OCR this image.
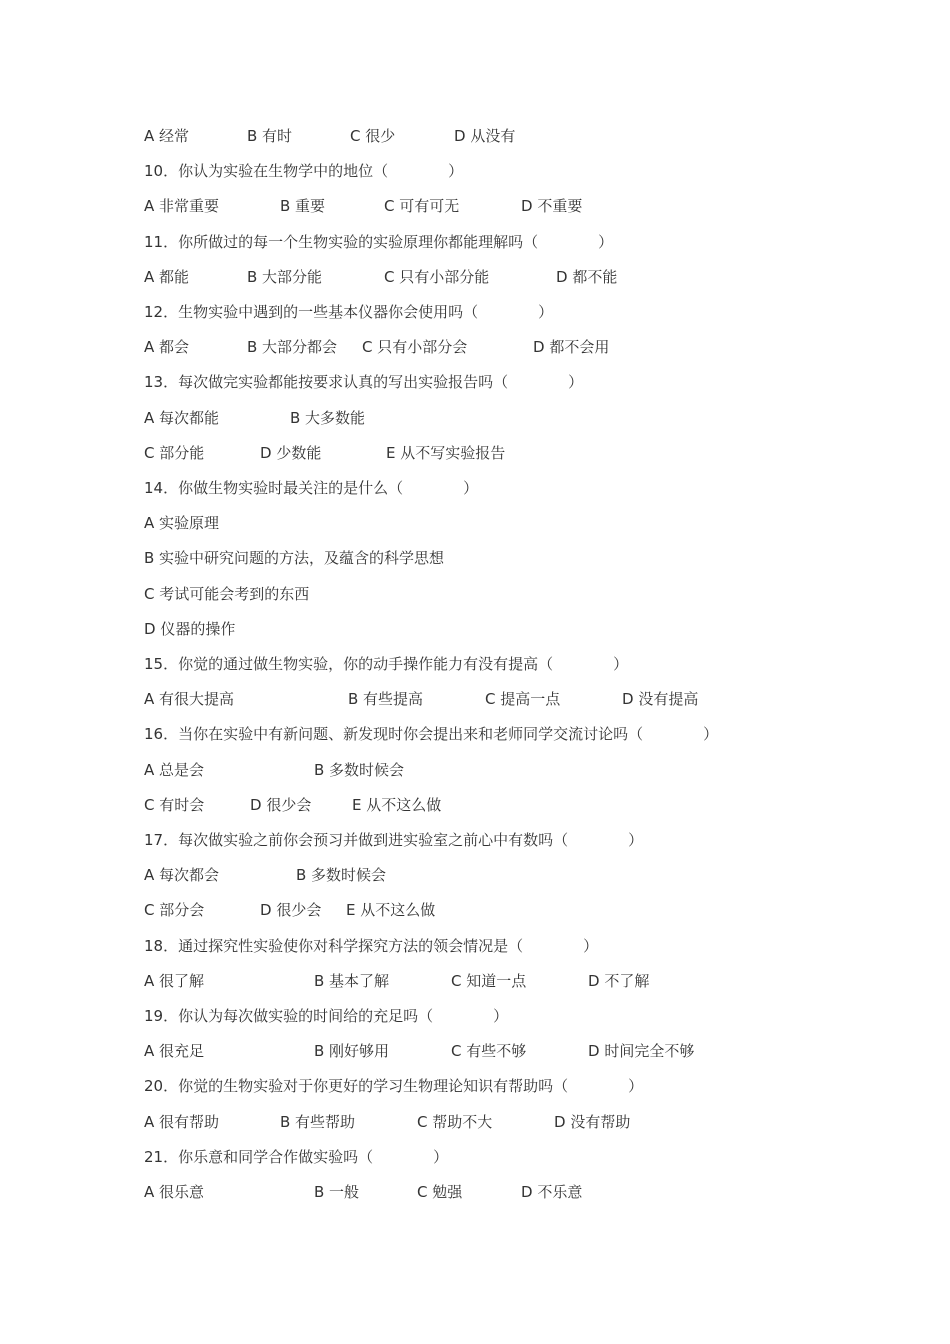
A 经常	B 有时	C 很少	D 从没有
10．你认为实验在生物学中的地位（　　　　）
A 非常重要	B 重要	C 可有可无	D 不重要
11．你所做过的每一个生物实验的实验原理你都能理解吗（　　　　）
A 都能	B 大部分能	C 只有小部分能	D 都不能
12．生物实验中遇到的一些基本仪器你会使用吗（　　　　）
A 都会	B 大部分都会 C 只有小部分会	D 都不会用
13．每次做完实验都能按要求认真的写出实验报告吗（　　　　）
A 每次都能	B 大多数能
C 部分能	D 少数能	E 从不写实验报告
14．你做生物实验时最关注的是什么（　　　　）
A 实验原理
B 实验中研究问题的方法，及蕴含的科学思想
C 考试可能会考到的东西
D 仪器的操作
15．你觉的通过做生物实验，你的动手操作能力有没有提高（　　　　）
A 有很大提高	B 有些提高	C 提高一点	D 没有提高
16．当你在实验中有新问题、新发现时你会提出来和老师同学交流讨论吗（　　　　）
A 总是会	B 多数时候会
C 有时会	D 很少会	E 从不这么做
17．每次做实验之前你会预习并做到进实验室之前心中有数吗（　　　　）
A 每次都会	B 多数时候会
C 部分会	D 很少会 E 从不这么做
18．通过探究性实验使你对科学探究方法的领会情况是（　　　　）
A 很了解	B 基本了解	C 知道一点	D 不了解
19．你认为每次做实验的时间给的充足吗（　　　　）
A 很充足	B 刚好够用	C 有些不够	D 时间完全不够
20．你觉的生物实验对于你更好的学习生物理论知识有帮助吗（　　　　）
A 很有帮助	B 有些帮助	C 帮助不大	D 没有帮助
21．你乐意和同学合作做实验吗（　　　　）
A 很乐意	B 一般	C 勉强	D 不乐意
